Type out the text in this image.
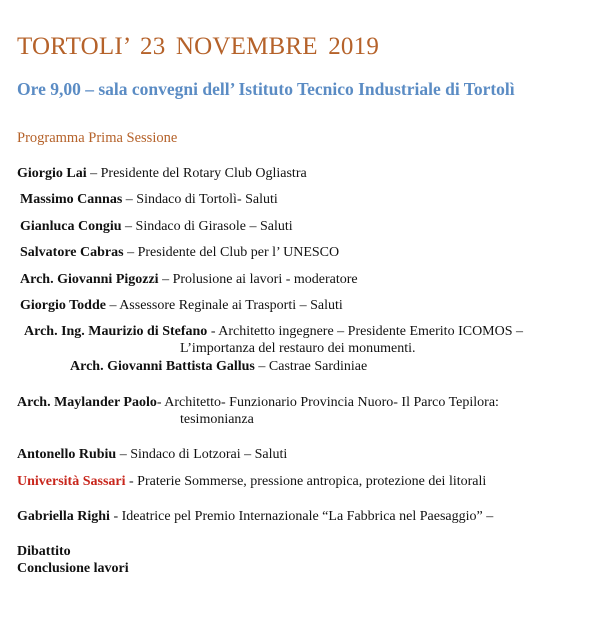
TORTOLI’ 23 NOVEMBRE 2019
Ore 9,00 – sala convegni dell’ Istituto Tecnico Industriale di Tortolì
Programma Prima Sessione
Giorgio Lai – Presidente del Rotary Club Ogliastra
Massimo Cannas – Sindaco di Tortolì- Saluti
Gianluca Congiu – Sindaco di Girasole – Saluti
Salvatore Cabras – Presidente del Club per l’ UNESCO
Arch. Giovanni Pigozzi – Prolusione ai lavori - moderatore
Giorgio Todde – Assessore Reginale ai Trasporti – Saluti
Arch. Ing. Maurizio di Stefano - Architetto ingegnere – Presidente Emerito ICOMOS –
L’importanza del restauro dei monumenti.
Arch. Giovanni Battista Gallus – Castrae Sardiniae
Arch. Maylander Paolo- Architetto- Funzionario Provincia Nuoro- Il Parco Tepilora:
tesimonianza
Antonello Rubiu – Sindaco di Lotzorai – Saluti
Università Sassari - Praterie Sommerse, pressione antropica, protezione dei litorali
Gabriella Righi - Ideatrice pel Premio Internazionale “La Fabbrica nel Paesaggio” –
Dibattito
Conclusione lavori
